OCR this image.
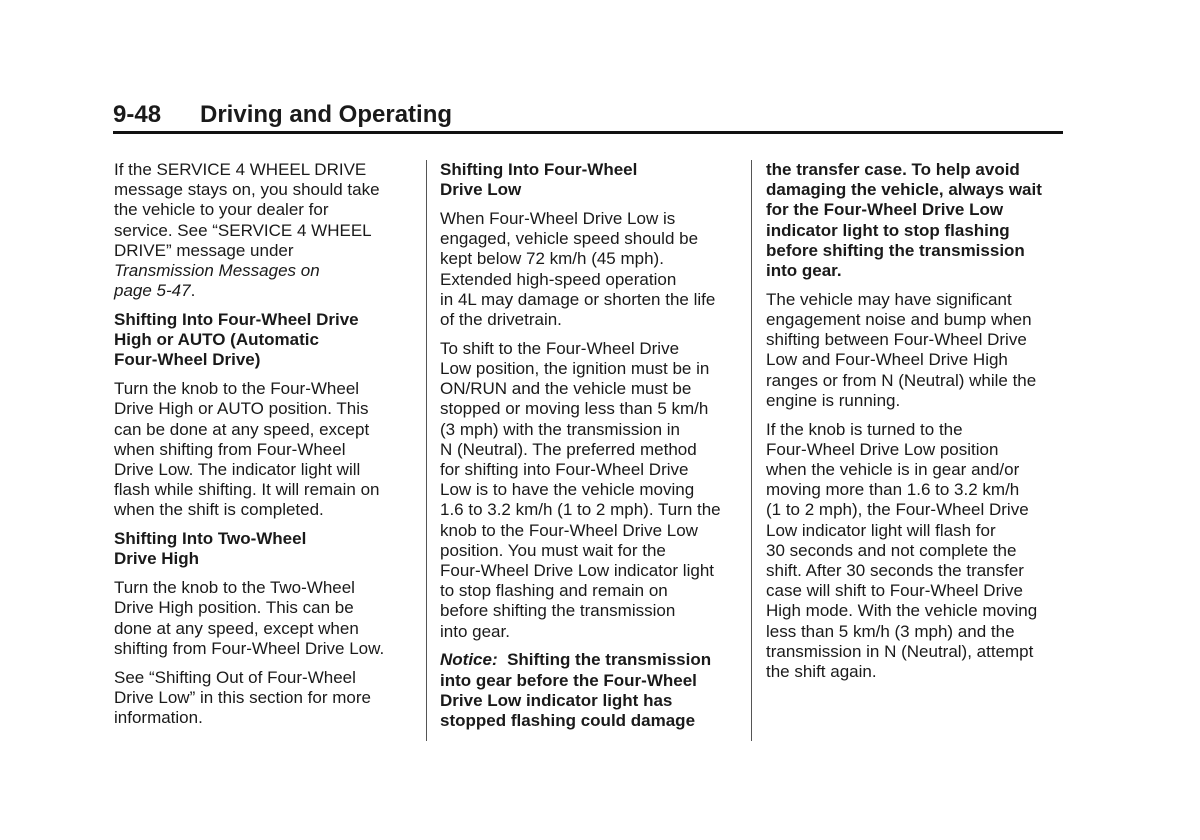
9-48 Driving and Operating

If the SERVICE 4 WHEEL DRIVE
message stays on, you should take
the vehicle to your dealer for
service. See “SERVICE 4 WHEEL
DRIVE” message under
Transmission Messages on
page 5-47.

Shifting Into Four-Wheel Drive
High or AUTO (Automatic
Four-Wheel Drive)

Turn the knob to the Four-Wheel
Drive High or AUTO position. This
can be done at any speed, except
when shifting from Four-Wheel
Drive Low. The indicator light will
flash while shifting. It will remain on
when the shift is completed.

Shifting Into Two-Wheel
Drive High

Turn the knob to the Two-Wheel
Drive High position. This can be
done at any speed, except when
shifting from Four-Wheel Drive Low.

See “Shifting Out of Four-Wheel
Drive Low” in this section for more
information.

Shifting Into Four-Wheel
Drive Low

When Four-Wheel Drive Low is
engaged, vehicle speed should be
kept below 72 km/h (45 mph).
Extended high-speed operation
in 4L may damage or shorten the life
of the drivetrain.

To shift to the Four-Wheel Drive
Low position, the ignition must be in
ON/RUN and the vehicle must be
stopped or moving less than 5 km/h
(3 mph) with the transmission in
N (Neutral). The preferred method
for shifting into Four-Wheel Drive
Low is to have the vehicle moving
1.6 to 3.2 km/h (1 to 2 mph). Turn the
knob to the Four-Wheel Drive Low
position. You must wait for the
Four-Wheel Drive Low indicator light
to stop flashing and remain on
before shifting the transmission
into gear.

Notice: Shifting the transmission
into gear before the Four-Wheel
Drive Low indicator light has
stopped flashing could damage

the transfer case. To help avoid
damaging the vehicle, always wait
for the Four-Wheel Drive Low
indicator light to stop flashing
before shifting the transmission
into gear.

The vehicle may have significant
engagement noise and bump when
shifting between Four-Wheel Drive
Low and Four-Wheel Drive High
ranges or from N (Neutral) while the
engine is running.

If the knob is turned to the
Four-Wheel Drive Low position
when the vehicle is in gear and/or
moving more than 1.6 to 3.2 km/h
(1 to 2 mph), the Four-Wheel Drive
Low indicator light will flash for
30 seconds and not complete the
shift. After 30 seconds the transfer
case will shift to Four-Wheel Drive
High mode. With the vehicle moving
less than 5 km/h (3 mph) and the
transmission in N (Neutral), attempt
the shift again.
